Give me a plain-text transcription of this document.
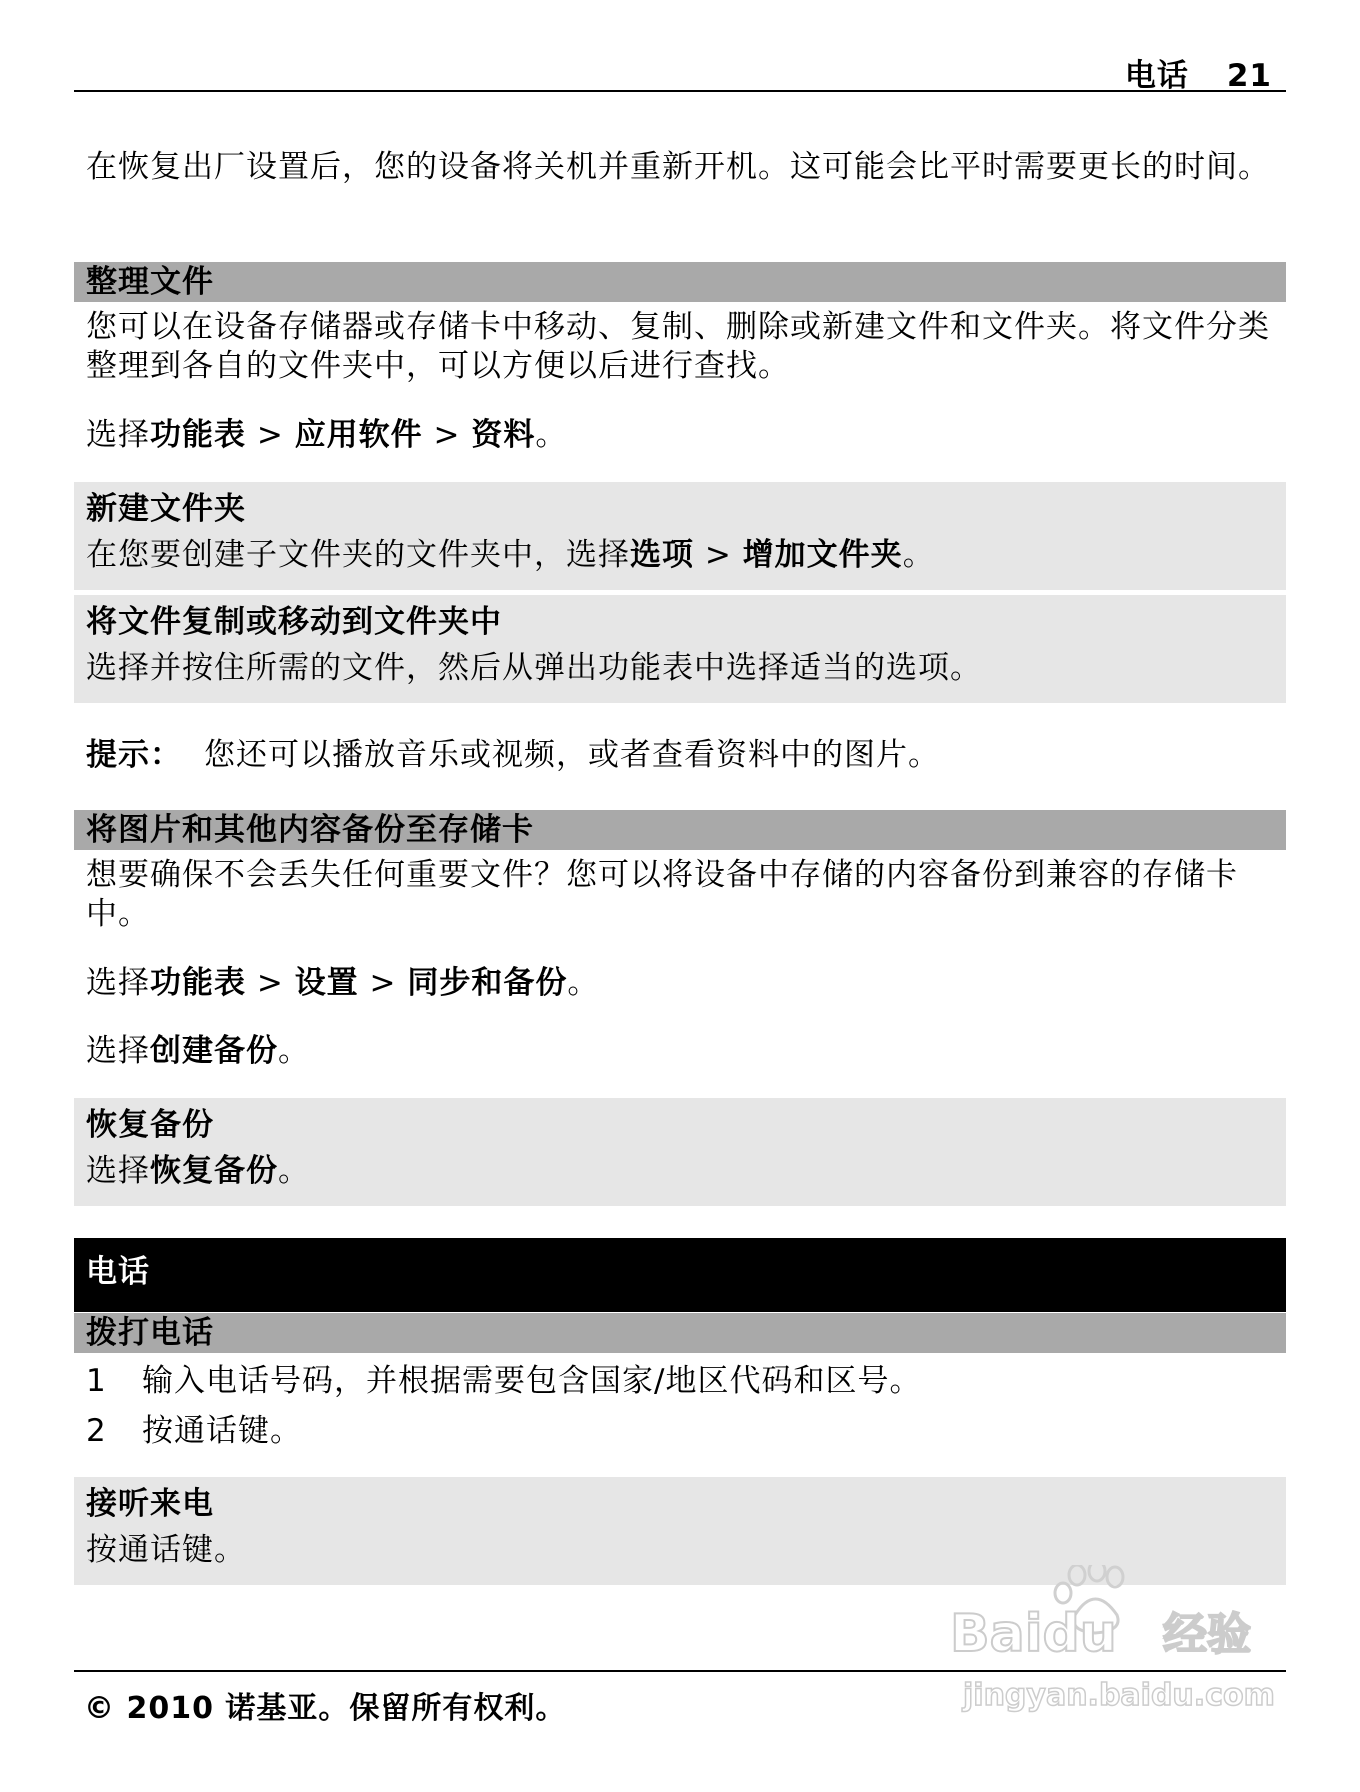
电话 21
在恢复出厂设置后，您的设备将关机并重新开机。这可能会比平时需要更长的时间。
整理文件
您可以在设备存储器或存储卡中移动、复制、删除或新建文件和文件夹。将文件分类整理到各自的文件夹中，可以方便以后进行查找。
选择功能表 > 应用软件 > 资料。
新建文件夹
在您要创建子文件夹的文件夹中，选择选项 > 增加文件夹。
将文件复制或移动到文件夹中
选择并按住所需的文件，然后从弹出功能表中选择适当的选项。
提示： 您还可以播放音乐或视频，或者查看资料中的图片。
将图片和其他内容备份至存储卡
想要确保不会丢失任何重要文件？您可以将设备中存储的内容备份到兼容的存储卡中。
选择功能表 > 设置 > 同步和备份。
选择创建备份。
恢复备份
选择恢复备份。
电话
拨打电话
1 输入电话号码，并根据需要包含国家/地区代码和区号。
2 按通话键。
接听来电
按通话键。
© 2010 诺基亚。保留所有权利。
Baidu 经验
jingyan.baidu.com
